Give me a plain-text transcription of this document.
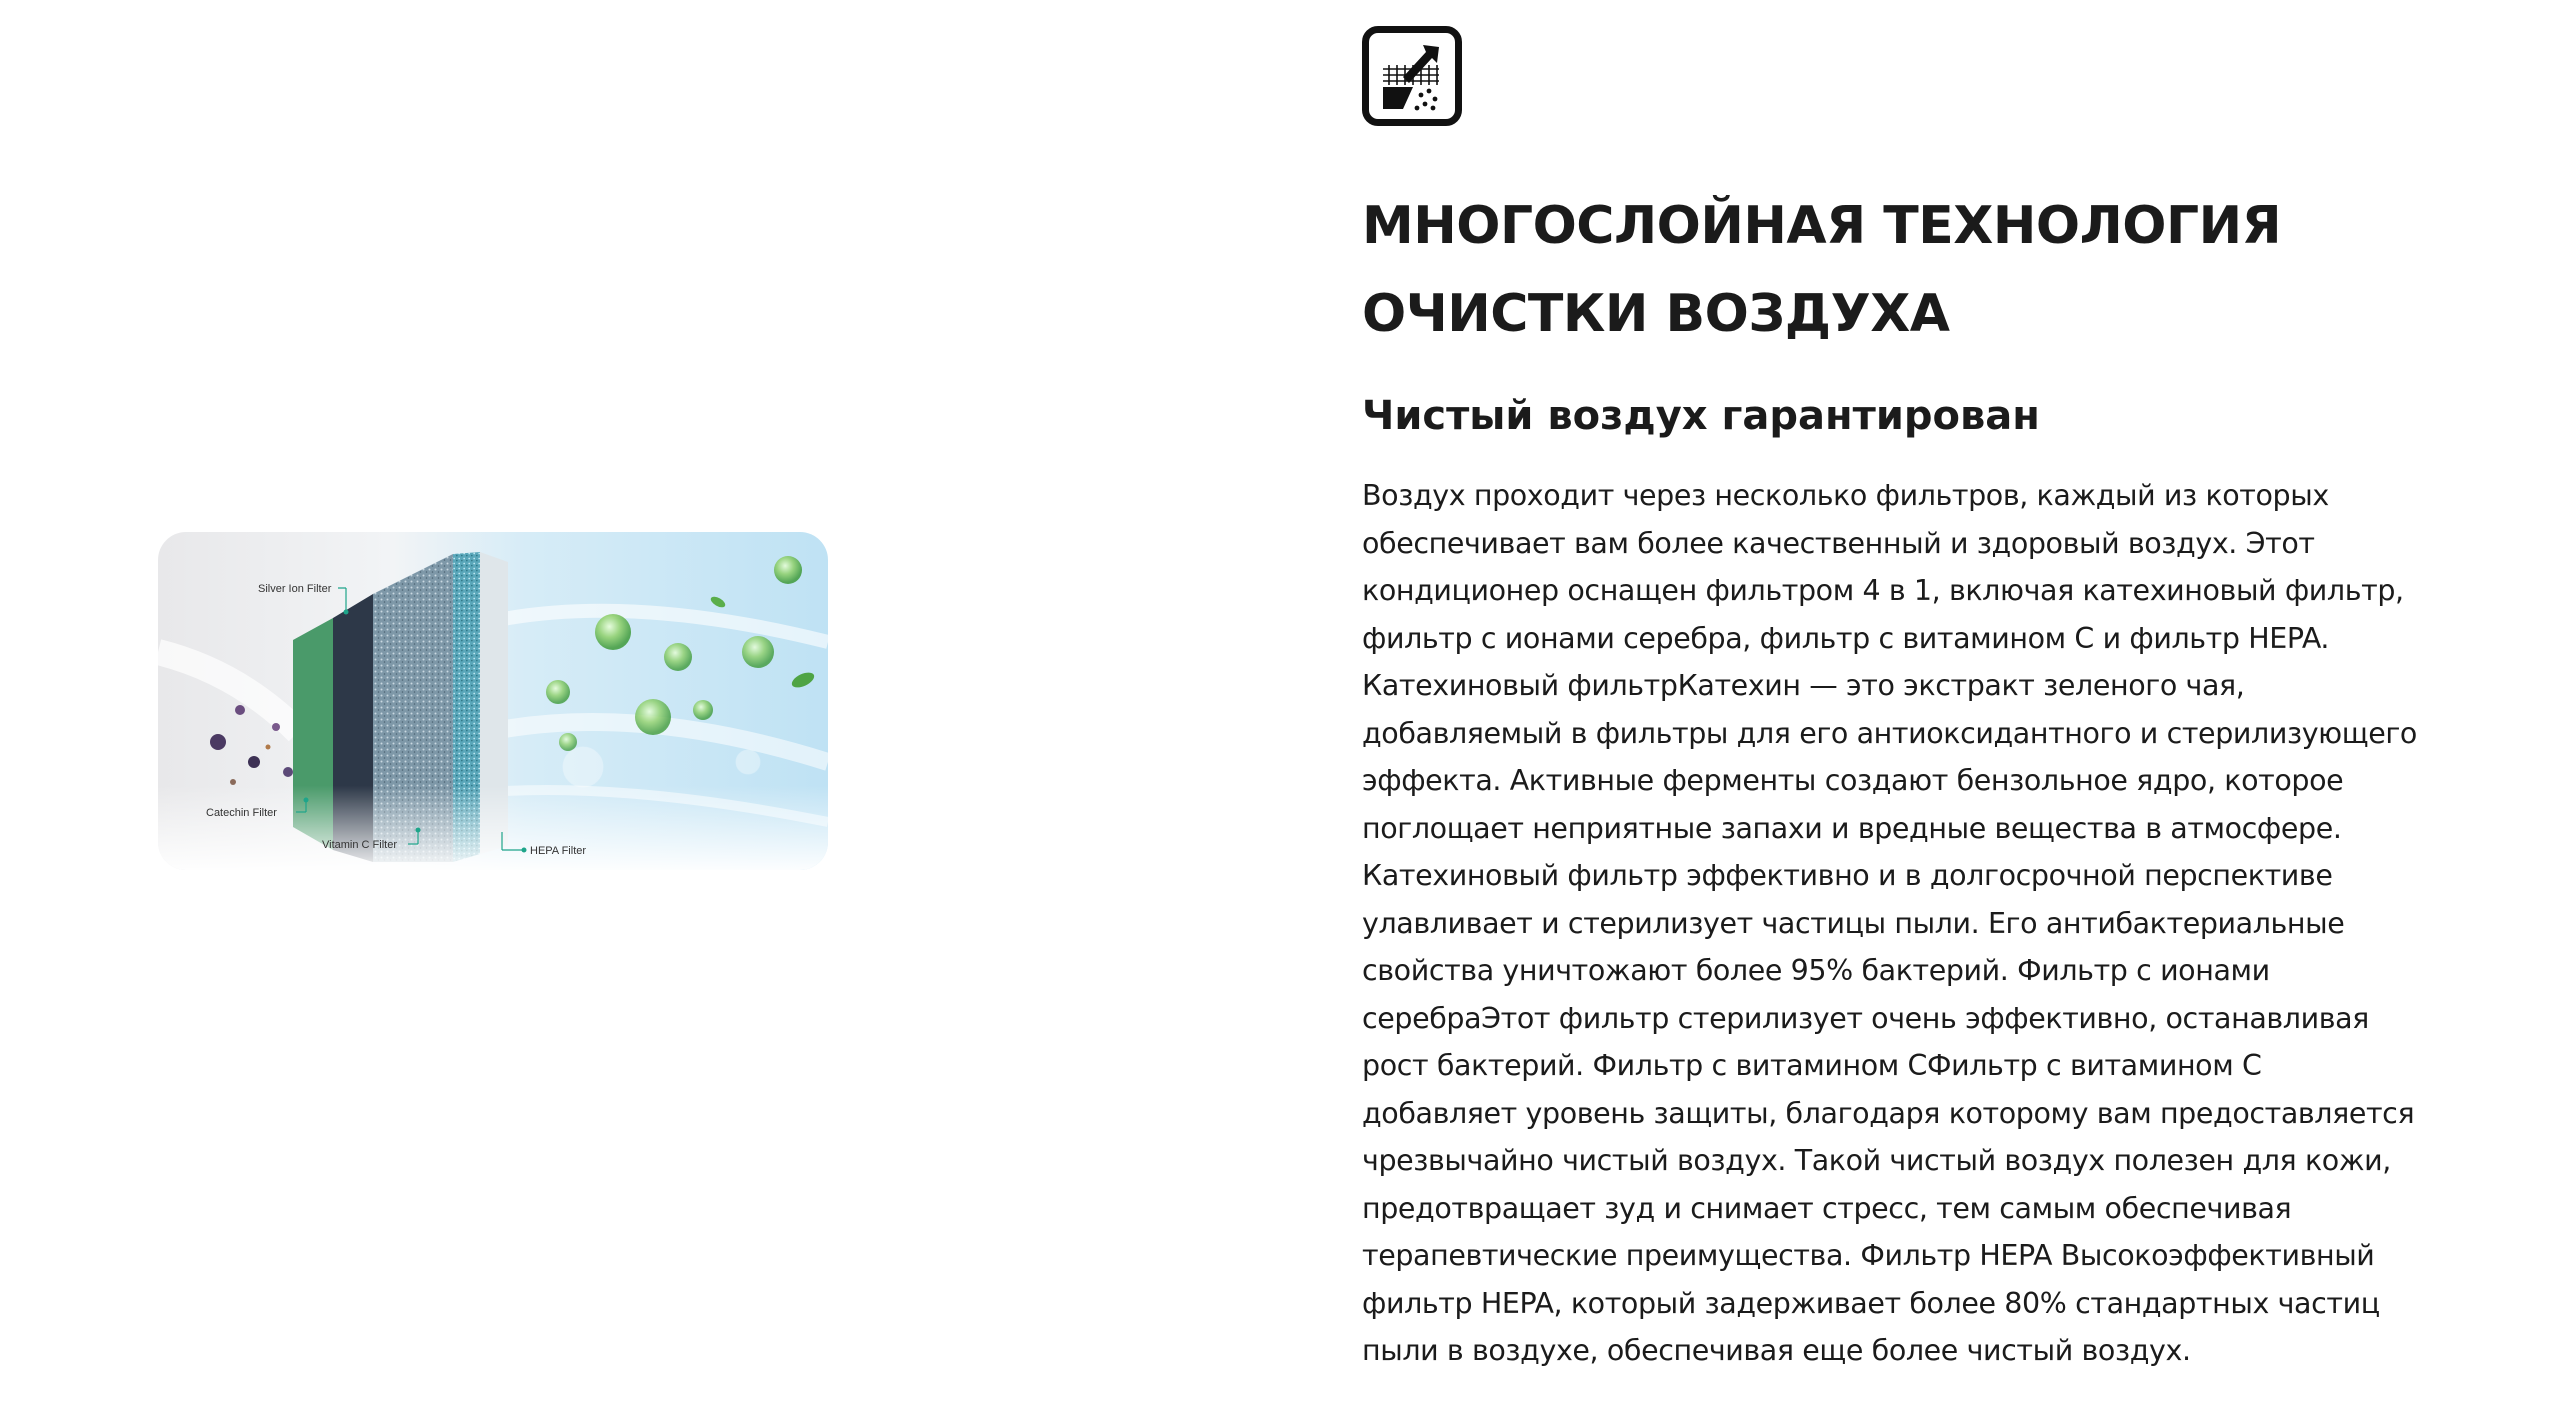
Silver Ion Filter
Catechin Filter
Vitamin C Filter	HEPA Filter
МНОГОСЛОЙНАЯ ТЕХНОЛОГИЯ ОЧИСТКИ ВОЗДУХА
Чистый воздух гарантирован

Воздух проходит через несколько фильтров, каждый из которых обеспечивает вам более качественный и здоровый воздух. Этот кондиционер оснащен фильтром 4 в 1, включая катехиновый фильтр, фильтр с ионами серебра, фильтр с витамином C и фильтр HEPA. Катехиновый фильтрКатехин — это экстракт зеленого чая, добавляемый в фильтры для его антиоксидантного и стерилизующего эффекта. Активные ферменты создают бензольное ядро, которое поглощает неприятные запахи и вредные вещества в атмосфере. Катехиновый фильтр эффективно и в долгосрочной перспективе улавливает и стерилизует частицы пыли. Его антибактериальные свойства уничтожают более 95% бактерий. Фильтр с ионами серебраЭтот фильтр стерилизует очень эффективно, останавливая рост бактерий. Фильтр с витамином СФильтр с витамином С добавляет уровень защиты, благодаря которому вам предоставляется чрезвычайно чистый воздух. Такой чистый воздух полезен для кожи, предотвращает зуд и снимает стресс, тем самым обеспечивая терапевтические преимущества. Фильтр HEPA Высокоэффективный фильтр HEPA, который задерживает более 80% стандартных частиц пыли в воздухе, обеспечивая еще более чистый воздух.
